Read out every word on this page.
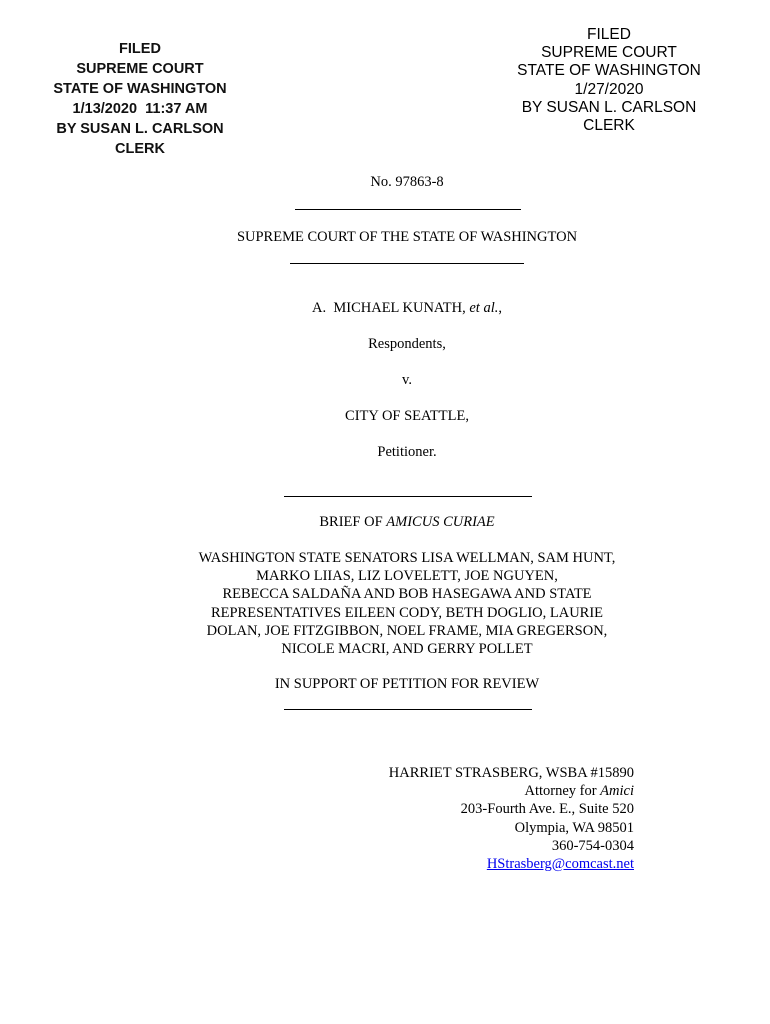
FILED
SUPREME COURT
STATE OF WASHINGTON
1/13/2020  11:37 AM
BY SUSAN L. CARLSON
CLERK
FILED
SUPREME COURT
STATE OF WASHINGTON
1/27/2020
BY SUSAN L. CARLSON
CLERK
No. 97863-8
SUPREME COURT OF THE STATE OF WASHINGTON
A.  MICHAEL KUNATH, et al.,
Respondents,
v.
CITY OF SEATTLE,
Petitioner.
BRIEF OF AMICUS CURIAE
WASHINGTON STATE SENATORS LISA WELLMAN, SAM HUNT,
MARKO LIIAS, LIZ LOVELETT, JOE NGUYEN,
REBECCA SALDAÑA AND BOB HASEGAWA AND STATE
REPRESENTATIVES EILEEN CODY, BETH DOGLIO, LAURIE
DOLAN, JOE FITZGIBBON, NOEL FRAME, MIA GREGERSON,
NICOLE MACRI, AND GERRY POLLET
IN SUPPORT OF PETITION FOR REVIEW
HARRIET STRASBERG, WSBA #15890
Attorney for Amici
203-Fourth Ave. E., Suite 520
Olympia, WA 98501
360-754-0304
HStrasberg@comcast.net
